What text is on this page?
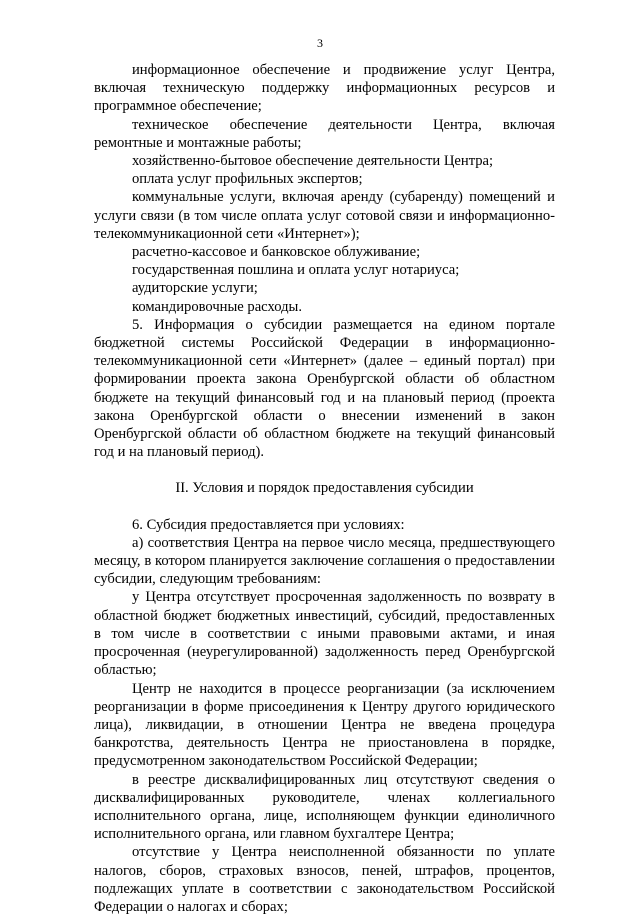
3

информационное обеспечение и продвижение услуг Центра, включая техническую поддержку информационных ресурсов и программное обеспечение;

техническое обеспечение деятельности Центра, включая ремонтные и монтажные работы;

хозяйственно-бытовое обеспечение деятельности Центра;

оплата услуг профильных экспертов;

коммунальные услуги, включая аренду (субаренду) помещений и услуги связи (в том числе оплата услуг сотовой связи и информационно-телекоммуникационной сети «Интернет»);

расчетно-кассовое и банковское облуживание;

государственная пошлина и оплата услуг нотариуса;

аудиторские услуги;

командировочные расходы.

5. Информация о субсидии размещается на едином портале бюджетной системы Российской Федерации в информационно-телекоммуникационной сети «Интернет» (далее – единый портал) при формировании проекта закона Оренбургской области об областном бюджете на текущий финансовый год и на плановый период (проекта закона Оренбургской области о внесении изменений в закон Оренбургской области об областном бюджете на текущий финансовый год и на плановый период).

II. Условия и порядок предоставления субсидии

6. Субсидия предоставляется при условиях:

а) соответствия Центра на первое число месяца, предшествующего месяцу, в котором планируется заключение соглашения о предоставлении субсидии, следующим требованиям:

у Центра отсутствует просроченная задолженность по возврату в областной бюджет бюджетных инвестиций, субсидий, предоставленных в том числе в соответствии с иными правовыми актами, и иная просроченная (неурегулированной) задолженность перед Оренбургской областью;

Центр не находится в процессе реорганизации (за исключением реорганизации в форме присоединения к Центру другого юридического лица), ликвидации, в отношении Центра не введена процедура банкротства, деятельность Центра не приостановлена в порядке, предусмотренном законодательством Российской Федерации;

в реестре дисквалифицированных лиц отсутствуют сведения о дисквалифицированных руководителе, членах коллегиального исполнительного органа, лице, исполняющем функции единоличного исполнительного органа, или главном бухгалтере Центра;

отсутствие у Центра неисполненной обязанности по уплате налогов, сборов, страховых взносов, пеней, штрафов, процентов, подлежащих уплате в соответствии с законодательством Российской Федерации о налогах и сборах;
